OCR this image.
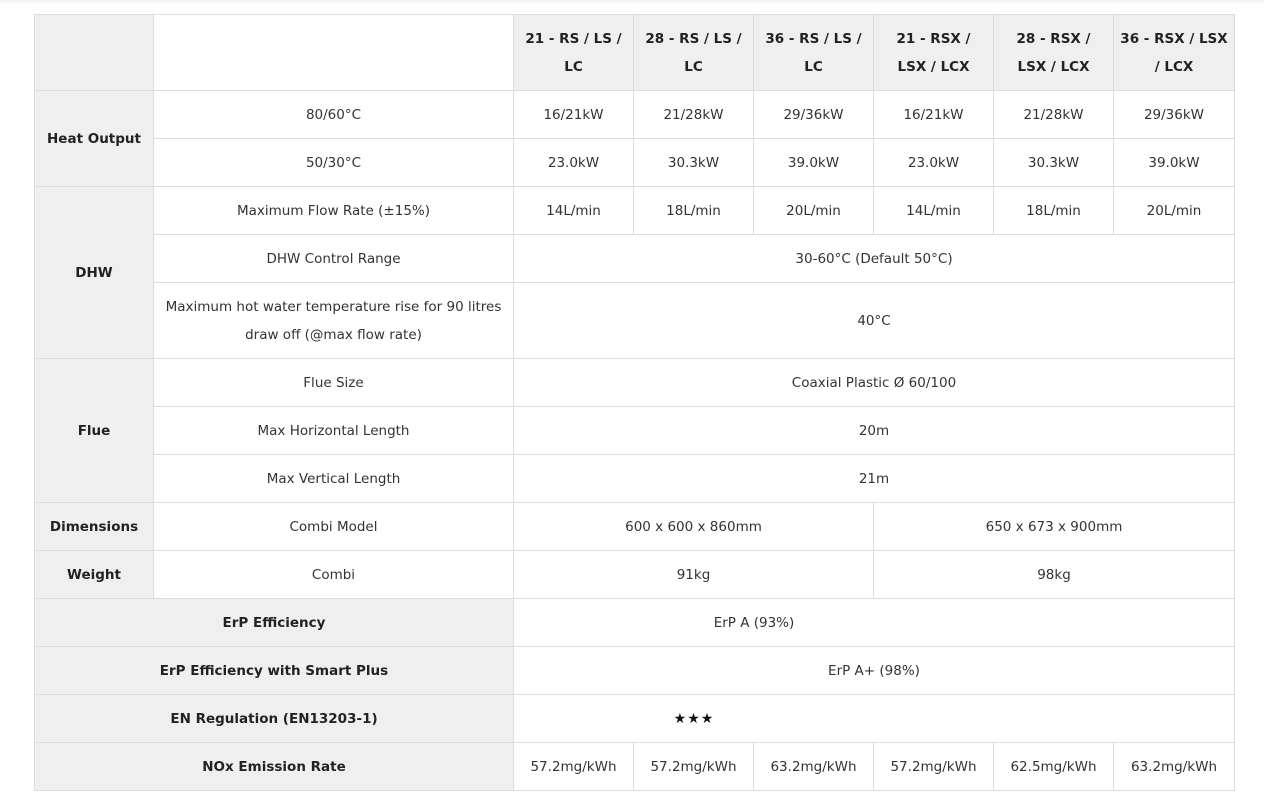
		21 - RS / LS / LC	28 - RS / LS / LC	36 - RS / LS / LC	21 - RSX / LSX / LCX	28 - RSX / LSX / LCX	36 - RSX / LSX / LCX
Heat Output	80/60°C	16/21kW	21/28kW	29/36kW	16/21kW	21/28kW	29/36kW
	50/30°C	23.0kW	30.3kW	39.0kW	23.0kW	30.3kW	39.0kW
DHW	Maximum Flow Rate (±15%)	14L/min	18L/min	20L/min	14L/min	18L/min	20L/min
	DHW Control Range	30-60°C (Default 50°C)					
	Maximum hot water temperature rise for 90 litres draw off (@max flow rate)	40°C					
Flue	Flue Size	Coaxial Plastic Ø 60/100					
	Max Horizontal Length	20m					
	Max Vertical Length	21m					
Dimensions	Combi Model	600 x 600 x 860mm			650 x 673 x 900mm		
Weight	Combi	91kg			98kg		
ErP Efficiency		ErP A (93%)					
ErP Efficiency with Smart Plus		ErP A+ (98%)					
EN Regulation (EN13203-1)		★★★					
NOx Emission Rate		57.2mg/kWh	57.2mg/kWh	63.2mg/kWh	57.2mg/kWh	62.5mg/kWh	63.2mg/kWh
